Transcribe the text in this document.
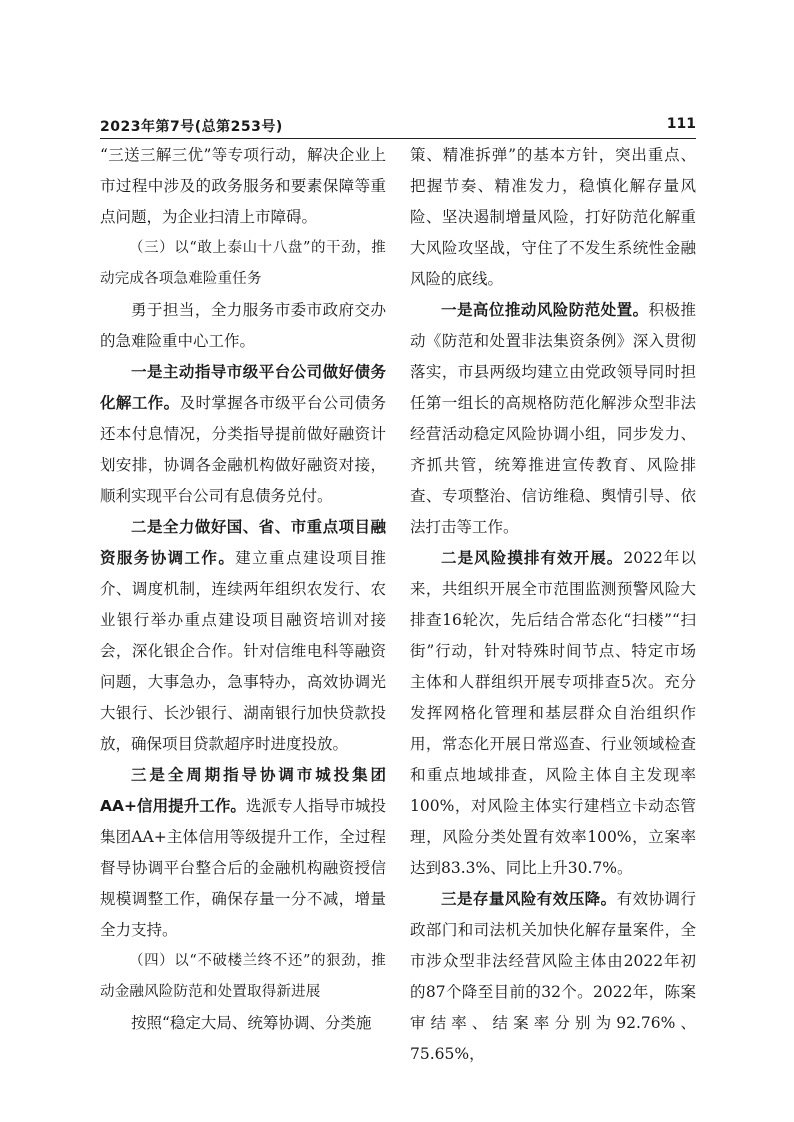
2023年第7号(总第253号)	111

“三送三解三优”等专项行动，解决企业上市过程中涉及的政务服务和要素保障等重点问题，为企业扫清上市障碍。

（三）以“敢上泰山十八盘”的干劲，推动完成各项急难险重任务

勇于担当，全力服务市委市政府交办的急难险重中心工作。

一是主动指导市级平台公司做好债务化解工作。及时掌握各市级平台公司债务还本付息情况，分类指导提前做好融资计划安排，协调各金融机构做好融资对接，顺利实现平台公司有息债务兑付。

二是全力做好国、省、市重点项目融资服务协调工作。建立重点建设项目推介、调度机制，连续两年组织农发行、农业银行举办重点建设项目融资培训对接会，深化银企合作。针对信维电科等融资问题，大事急办，急事特办，高效协调光大银行、长沙银行、湖南银行加快贷款投放，确保项目贷款超序时进度投放。

三是全周期指导协调市城投集团AA+信用提升工作。选派专人指导市城投集团AA+主体信用等级提升工作，全过程督导协调平台整合后的金融机构融资授信规模调整工作，确保存量一分不减，增量全力支持。

（四）以“不破楼兰终不还”的狠劲，推动金融风险防范和处置取得新进展

按照“稳定大局、统筹协调、分类施

策、精准拆弹”的基本方针，突出重点、把握节奏、精准发力，稳慎化解存量风险、坚决遏制增量风险，打好防范化解重大风险攻坚战，守住了不发生系统性金融风险的底线。

一是高位推动风险防范处置。积极推动《防范和处置非法集资条例》深入贯彻落实，市县两级均建立由党政领导同时担任第一组长的高规格防范化解涉众型非法经营活动稳定风险协调小组，同步发力、齐抓共管，统筹推进宣传教育、风险排查、专项整治、信访维稳、舆情引导、依法打击等工作。

二是风险摸排有效开展。2022年以来，共组织开展全市范围监测预警风险大排查16轮次，先后结合常态化“扫楼”“扫街”行动，针对特殊时间节点、特定市场主体和人群组织开展专项排查5次。充分发挥网格化管理和基层群众自治组织作用，常态化开展日常巡查、行业领域检查和重点地域排查，风险主体自主发现率100%，对风险主体实行建档立卡动态管理，风险分类处置有效率100%，立案率达到83.3%、同比上升30.7%。

三是存量风险有效压降。有效协调行政部门和司法机关加快化解存量案件，全市涉众型非法经营风险主体由2022年初的87个降至目前的32个。2022年，陈案审结率、结案率分别为92.76%、75.65%，
